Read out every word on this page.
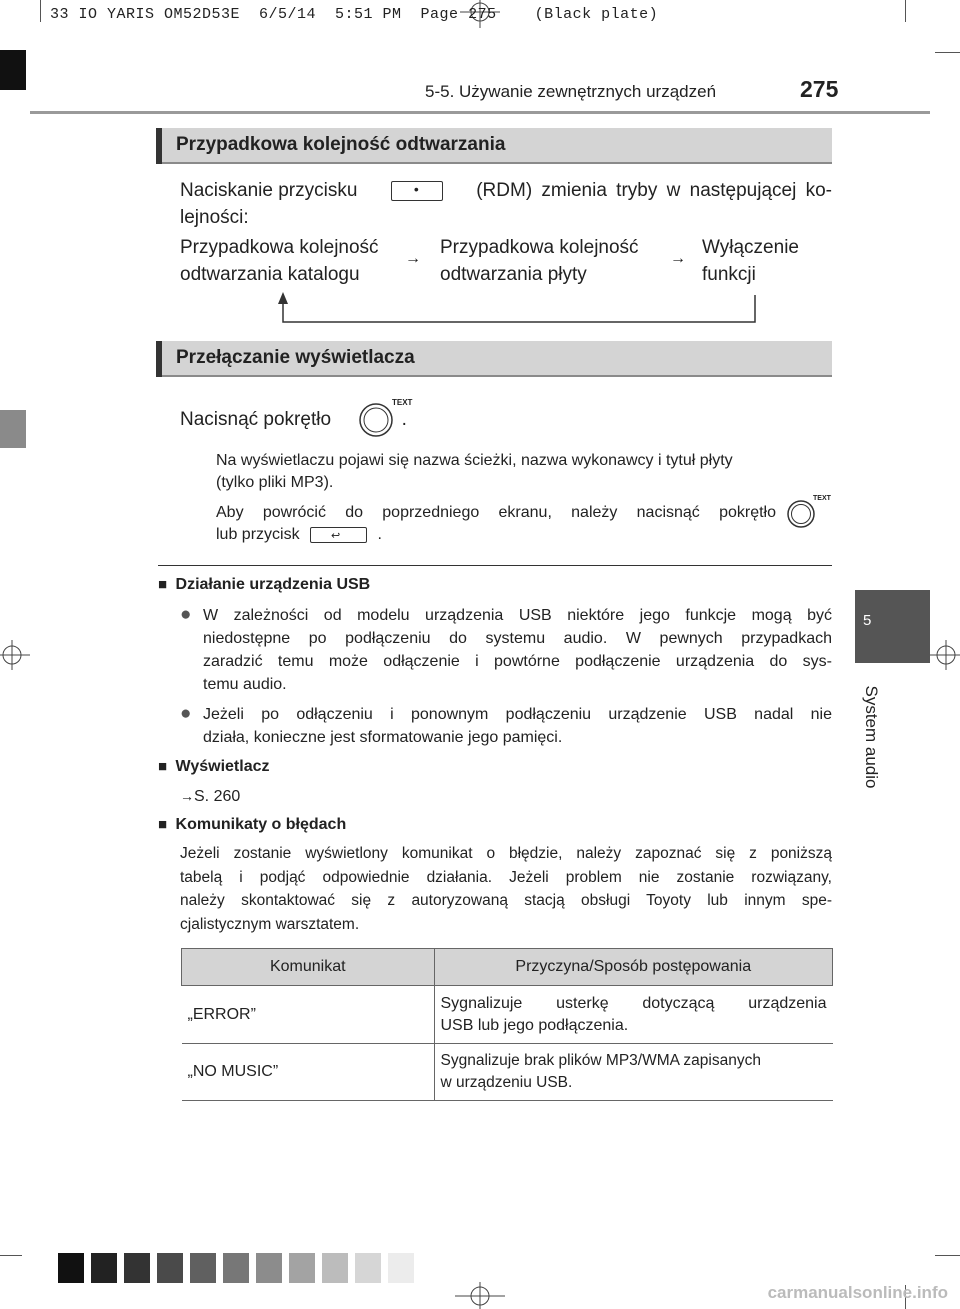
33 IO YARIS OM52D53E  6/5/14  5:51 PM  Page 275    (Black plate)
5-5. Używanie zewnętrznych urządzeń	275
5
System audio
Przypadkowa kolejność odtwarzania
Naciskanie przycisku	•	(RDM) zmienia tryby w następującej ko-
lejności:
Przypadkowa kolejność
odtwarzania katalogu
→
Przypadkowa kolejność
odtwarzania płyty
→
Wyłączenie
funkcji
Przełączanie wyświetlacza
Nacisnąć pokrętło	.
TEXT
Na wyświetlaczu pojawi się nazwa ścieżki, nazwa wykonawcy i tytuł płyty
(tylko pliki MP3).
Aby powrócić do poprzedniego ekranu, należy nacisnąć pokrętło
lub przycisk	↩ .
TEXT
■ Działanie urządzenia USB
● W zależności od modelu urządzenia USB niektóre jego funkcje mogą być
niedostępne po podłączeniu do systemu audio. W pewnych przypadkach
zaradzić temu może odłączenie i powtórne podłączenie urządzenia do sys-
temu audio.
● Jeżeli po odłączeniu i ponownym podłączeniu urządzenie USB nadal nie
działa, konieczne jest sformatowanie jego pamięci.
■ Wyświetlacz
→S. 260
■ Komunikaty o błędach
Jeżeli zostanie wyświetlony komunikat o błędzie, należy zapoznać się z poniższą
tabelą i podjąć odpowiednie działania. Jeżeli problem nie zostanie rozwiązany,
należy skontaktować się z autoryzowaną stacją obsługi Toyoty lub innym spe-
cjalistycznym warsztatem.
Komunikat	Przyczyna/Sposób postępowania
„ERROR”	Sygnalizuje usterkę dotyczącą urządzenia
USB lub jego podłączenia.

„NO MUSIC”	Sygnalizuje brak plików MP3/WMA zapisanych
w urządzeniu USB.
carmanualsonline.info
